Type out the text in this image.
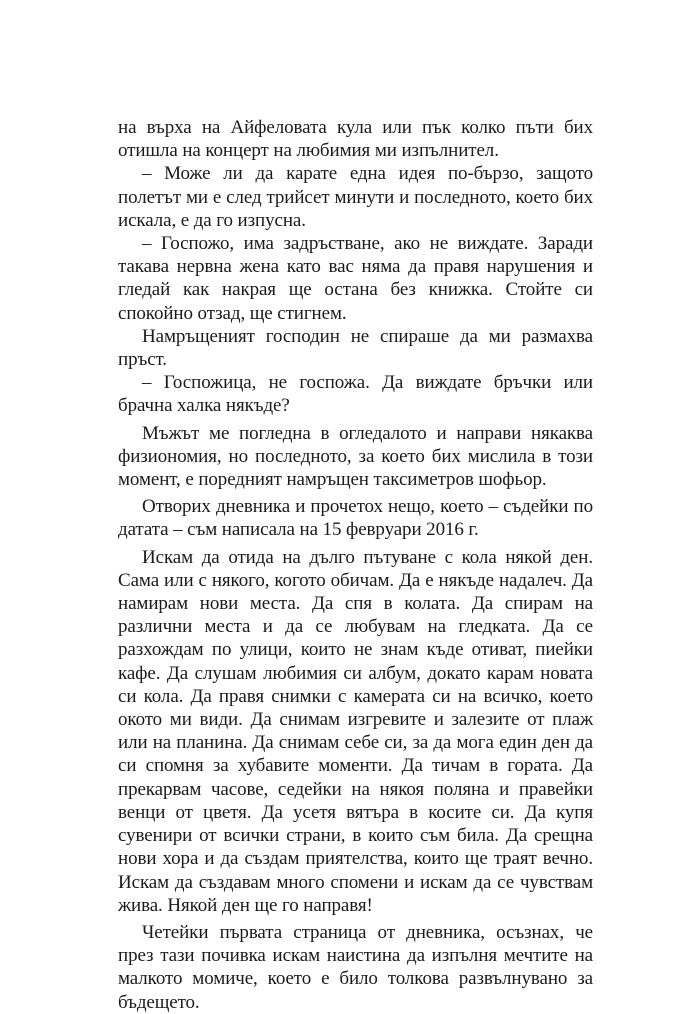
на върха на Айфеловата кула или пък колко пъти бих отишла на концерт на любимия ми изпълнител.

– Може ли да карате една идея по-бързо, защото полетът ми е след трийсет минути и последното, което бих искала, е да го изпусна.

– Госпожо, има задръстване, ако не виждате. Заради такава нервна жена като вас няма да правя нарушения и гледай как накрая ще остана без книжка. Стойте си спокойно отзад, ще стигнем.

Намръщеният господин не спираше да ми размахва пръст.

– Госпожица, не госпожа. Да виждате бръчки или брачна халка някъде?

Мъжът ме погледна в огледалото и направи някаква физиономия, но последното, за което бих мислила в този момент, е поредният намръщен таксиметров шофьор.

Отворих дневника и прочетох нещо, което – съдейки по датата – съм написала на 15 февруари 2016 г.

Искам да отида на дълго пътуване с кола някой ден. Сама или с някого, когото обичам. Да е някъде надалеч. Да намирам нови места. Да спя в колата. Да спирам на различни места и да се любувам на гледката. Да се разхождам по улици, които не знам къде отиват, пиейки кафе. Да слушам любимия си албум, докато карам новата си кола. Да правя снимки с камерата си на всичко, което окото ми види. Да снимам изгревите и залезите от плаж или на планина. Да снимам себе си, за да мога един ден да си спомня за хубавите моменти. Да тичам в гората. Да прекарвам часове, седейки на някоя поляна и правейки венци от цветя. Да усетя вятъра в косите си. Да купя сувенири от всички страни, в които съм била. Да срещна нови хора и да създам приятелства, които ще траят вечно. Искам да създавам много спомени и искам да се чувствам жива. Някой ден ще го направя!

Четейки първата страница от дневника, осъзнах, че през тази почивка искам наистина да изпълня мечтите на малкото момиче, което е било толкова развълнувано за бъдещето.
